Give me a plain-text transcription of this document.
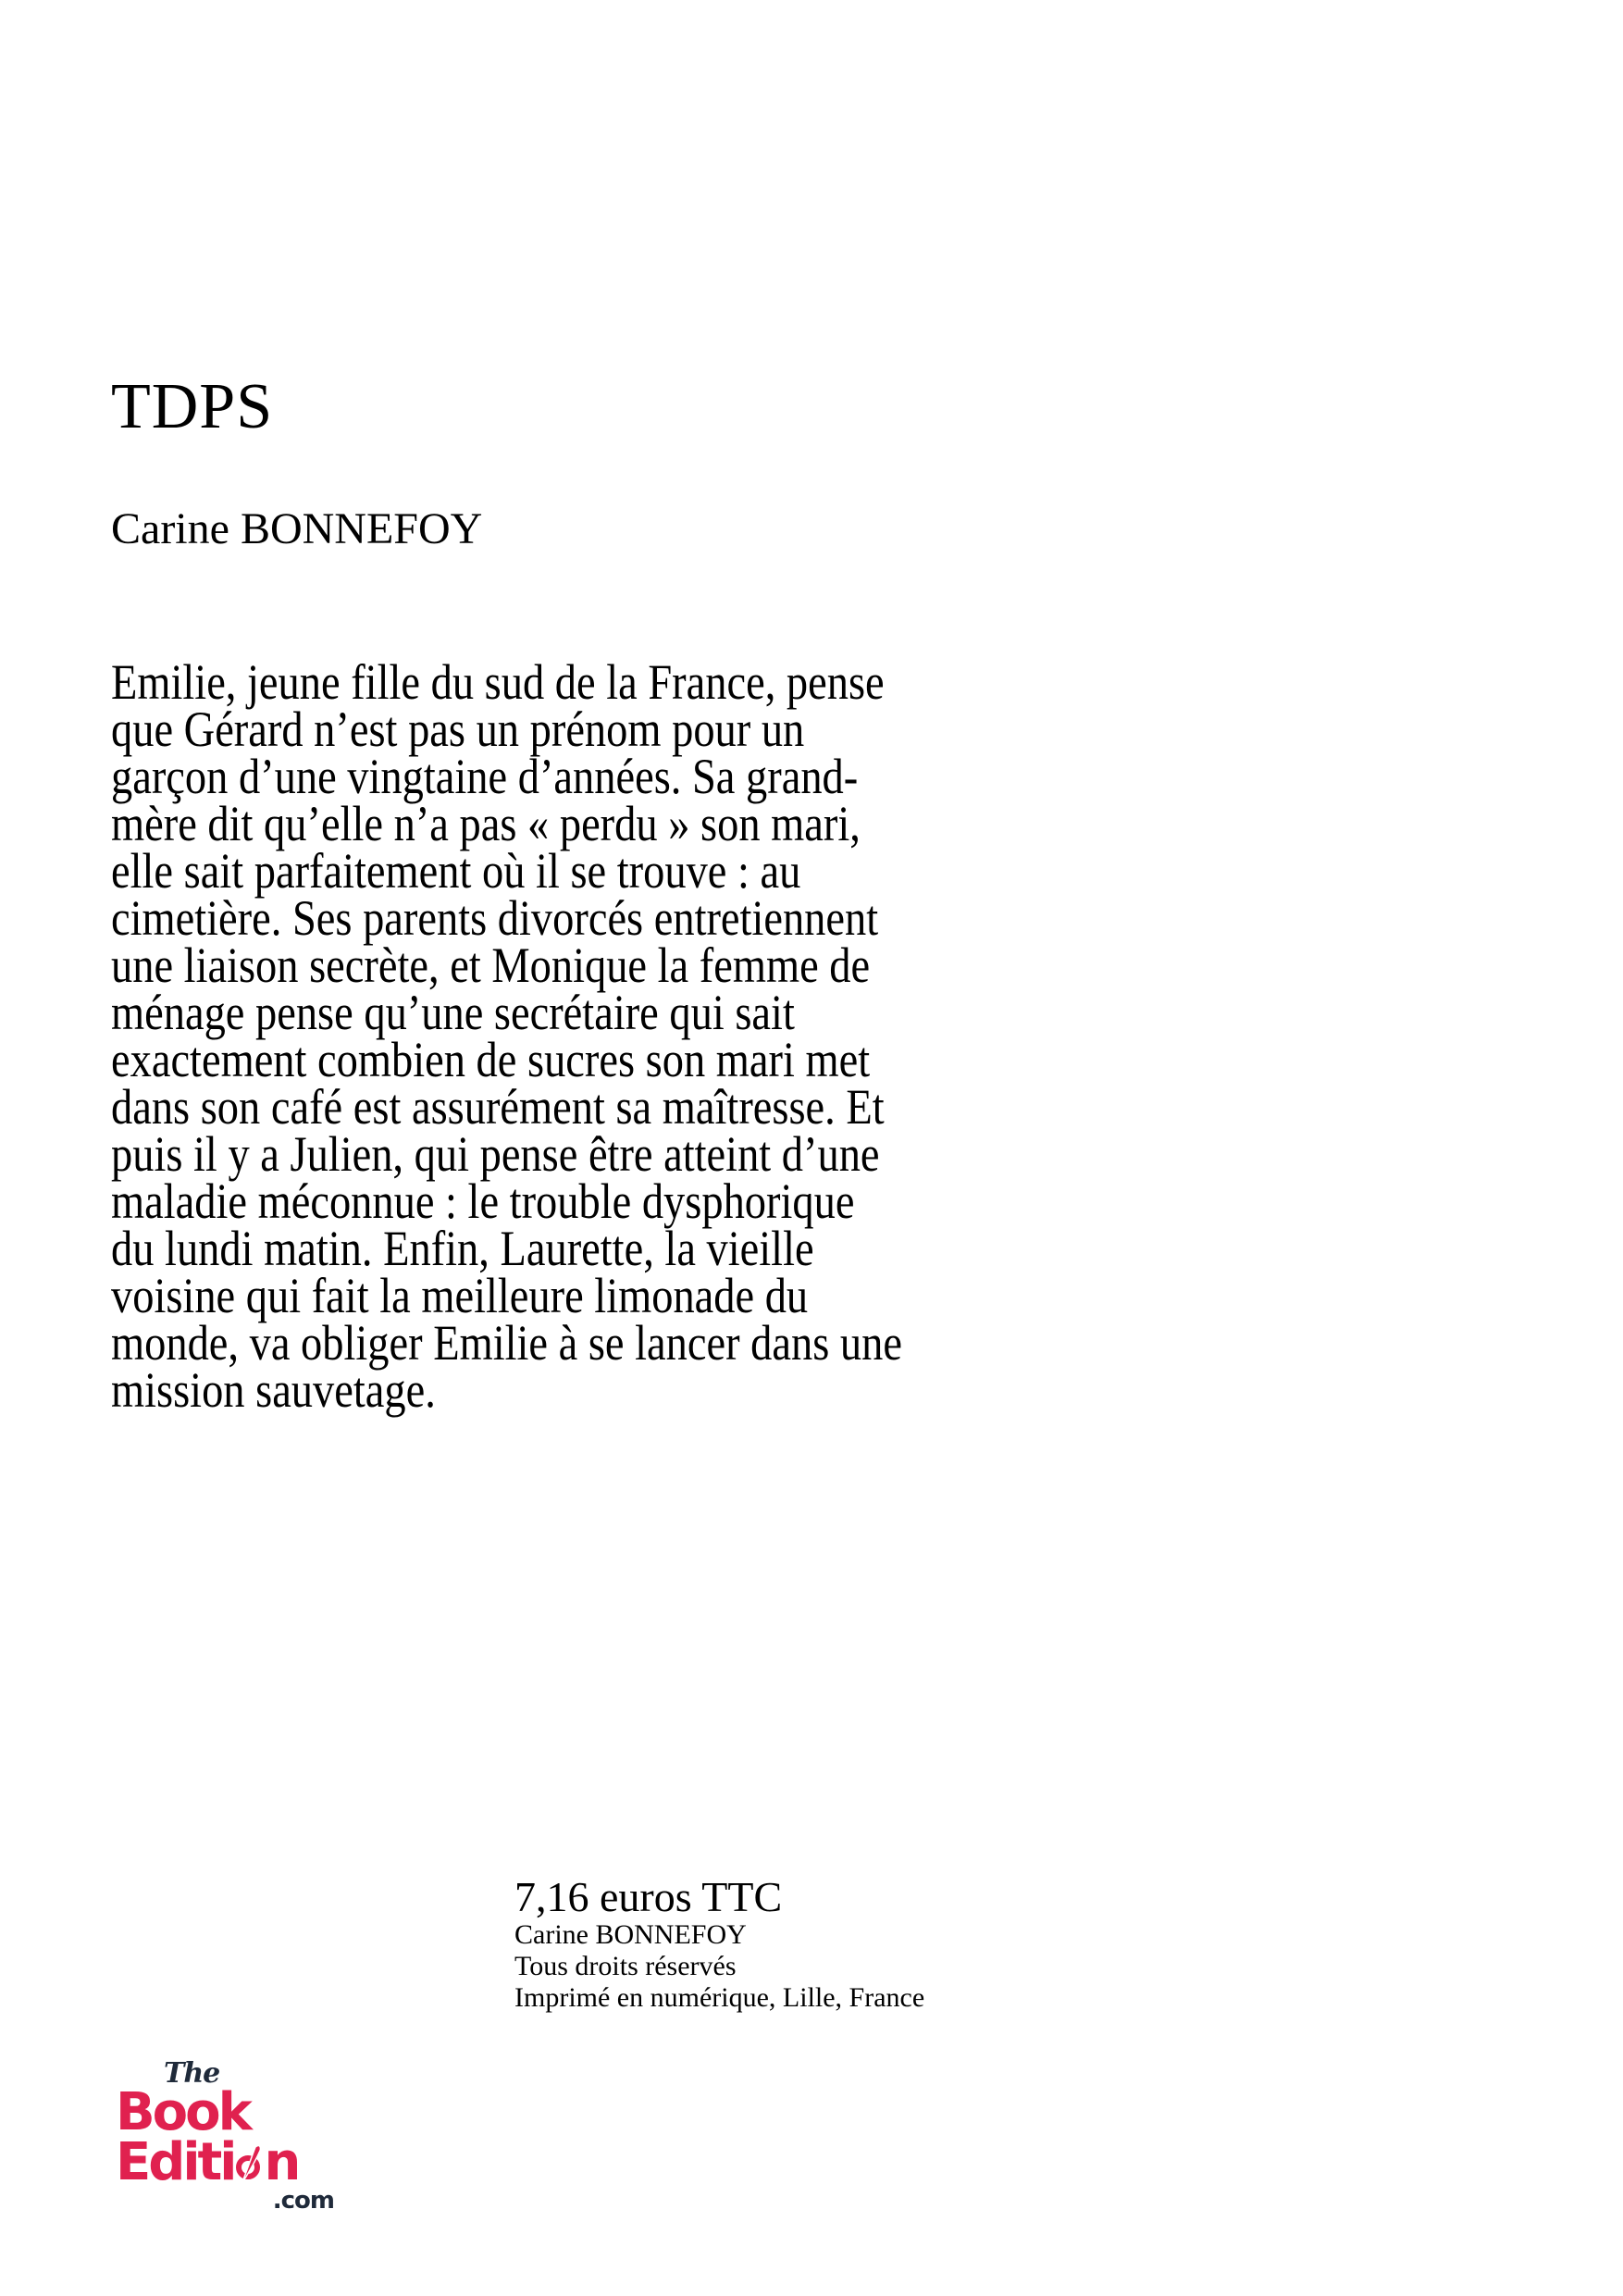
TDPS
Carine BONNEFOY
Emilie, jeune fille du sud de la France, pense
que Gérard n’est pas un prénom pour un
garçon d’une vingtaine d’années. Sa grand-
mère dit qu’elle n’a pas « perdu » son mari,
elle sait parfaitement où il se trouve : au
cimetière. Ses parents divorcés entretiennent
une liaison secrète, et Monique la femme de
ménage pense qu’une secrétaire qui sait
exactement combien de sucres son mari met
dans son café est assurément sa maîtresse. Et
puis il y a Julien, qui pense être atteint d’une
maladie méconnue : le trouble dysphorique
du lundi matin. Enfin, Laurette, la vieille
voisine qui fait la meilleure limonade du
monde, va obliger Emilie à se lancer dans une
mission sauvetage.

7,16 euros TTC

Carine BONNEFOY

Tous droits réservés

Imprimé en numérique, Lille, France

The
Book
Editi n
.com
